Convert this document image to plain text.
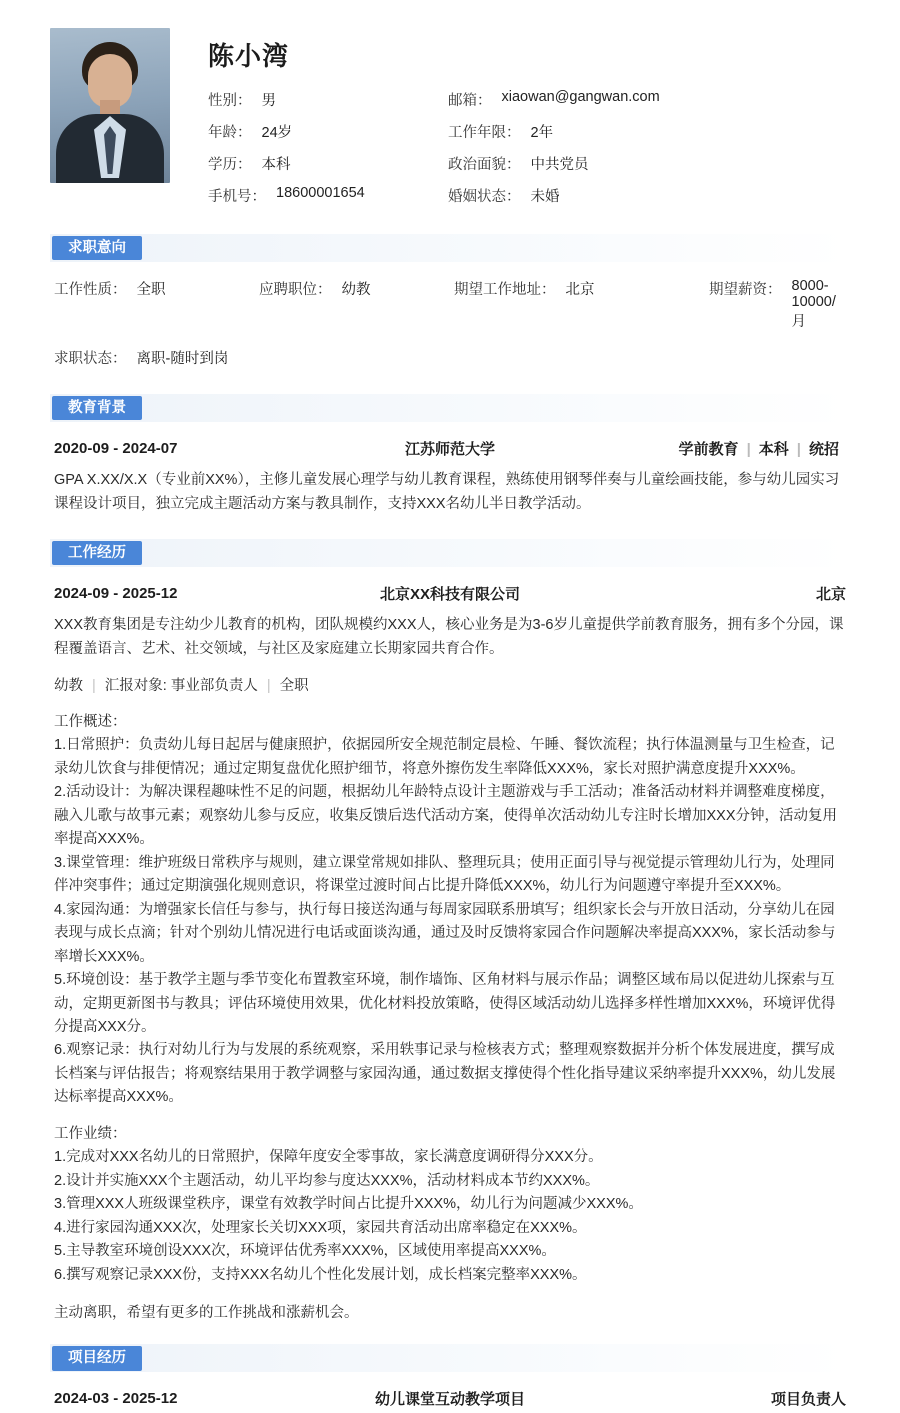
陈小湾
性别： 男	邮箱： xiaowan@gangwan.com
年龄： 24岁	工作年限： 2年
学历： 本科	政治面貌： 中共党员
手机号： 18600001654	婚姻状态： 未婚
求职意向
工作性质： 全职	应聘职位： 幼教	期望工作地址： 北京	期望薪资： 8000-10000/月
求职状态： 离职-随时到岗
教育背景
2020-09 - 2024-07	江苏师范大学	学前教育 | 本科 | 统招
GPA X.XX/X.X（专业前XX%），主修儿童发展心理学与幼儿教育课程，熟练使用钢琴伴奏与儿童绘画技能，参与幼儿园实习课程设计项目，独立完成主题活动方案与教具制作，支持XXX名幼儿半日教学活动。
工作经历
2024-09 - 2025-12	北京XX科技有限公司	北京
XXX教育集团是专注幼少儿教育的机构，团队规模约XXX人，核心业务是为3-6岁儿童提供学前教育服务，拥有多个分园，课程覆盖语言、艺术、社交领域，与社区及家庭建立长期家园共育合作。
幼教 | 汇报对象: 事业部负责人 | 全职

工作概述：

1.日常照护：负责幼儿每日起居与健康照护，依据园所安全规范制定晨检、午睡、餐饮流程；执行体温测量与卫生检查，记录幼儿饮食与排便情况；通过定期复盘优化照护细节，将意外擦伤发生率降低XXX%，家长对照护满意度提升XXX%。

2.活动设计：为解决课程趣味性不足的问题，根据幼儿年龄特点设计主题游戏与手工活动；准备活动材料并调整难度梯度，融入儿歌与故事元素；观察幼儿参与反应，收集反馈后迭代活动方案，使得单次活动幼儿专注时长增加XXX分钟，活动复用率提高XXX%。

3.课堂管理：维护班级日常秩序与规则，建立课堂常规如排队、整理玩具；使用正面引导与视觉提示管理幼儿行为，处理同伴冲突事件；通过定期演强化规则意识，将课堂过渡时间占比提升降低XXX%，幼儿行为问题遵守率提升至XXX%。

4.家园沟通：为增强家长信任与参与，执行每日接送沟通与每周家园联系册填写；组织家长会与开放日活动，分享幼儿在园表现与成长点滴；针对个别幼儿情况进行电话或面谈沟通，通过及时反馈将家园合作问题解决率提高XXX%，家长活动参与率增长XXX%。

5.环境创设：基于教学主题与季节变化布置教室环境，制作墙饰、区角材料与展示作品；调整区域布局以促进幼儿探索与互动，定期更新图书与教具；评估环境使用效果，优化材料投放策略，使得区域活动幼儿选择多样性增加XXX%，环境评优得分提高XXX分。

6.观察记录：执行对幼儿行为与发展的系统观察，采用轶事记录与检核表方式；整理观察数据并分析个体发展进度，撰写成长档案与评估报告；将观察结果用于教学调整与家园沟通，通过数据支撑使得个性化指导建议采纳率提升XXX%，幼儿发展达标率提高XXX%。

工作业绩：

1.完成对XXX名幼儿的日常照护，保障年度安全零事故，家长满意度调研得分XXX分。

2.设计并实施XXX个主题活动，幼儿平均参与度达XXX%，活动材料成本节约XXX%。

3.管理XXX人班级课堂秩序，课堂有效教学时间占比提升XXX%，幼儿行为问题减少XXX%。

4.进行家园沟通XXX次，处理家长关切XXX项，家园共育活动出席率稳定在XXX%。

5.主导教室环境创设XXX次，环境评估优秀率XXX%，区域使用率提高XXX%。

6.撰写观察记录XXX份，支持XXX名幼儿个性化发展计划，成长档案完整率XXX%。

主动离职，希望有更多的工作挑战和涨薪机会。
项目经历
2024-03 - 2025-12	幼儿课堂互动教学项目	项目负责人
